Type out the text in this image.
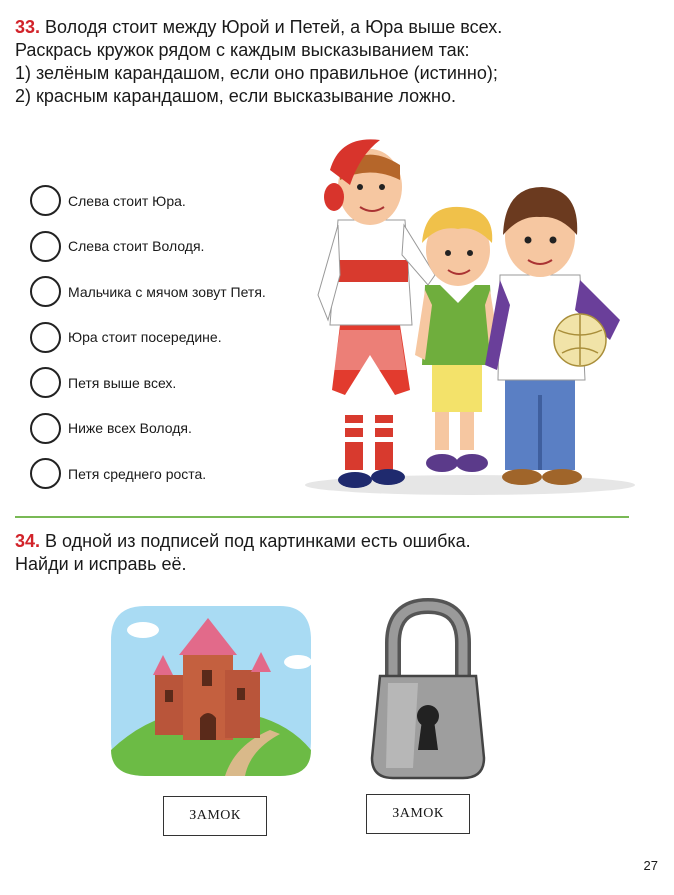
33. Володя стоит между Юрой и Петей, а Юра выше всех.
Раскрась кружок рядом с каждым высказыванием так:
1) зелёным карандашом, если оно правильное (истинно);
2) красным карандашом, если высказывание ложно.
Слева стоит Юра.
Слева стоит Володя.
Мальчика с мячом зовут Петя.
Юра стоит посередине.
Петя выше всех.
Ниже всех Володя.
Петя среднего роста.
34. В одной из подписей под картинками есть ошибка.
Найди и исправь её.
ЗАМОК	ЗАМОК
27
